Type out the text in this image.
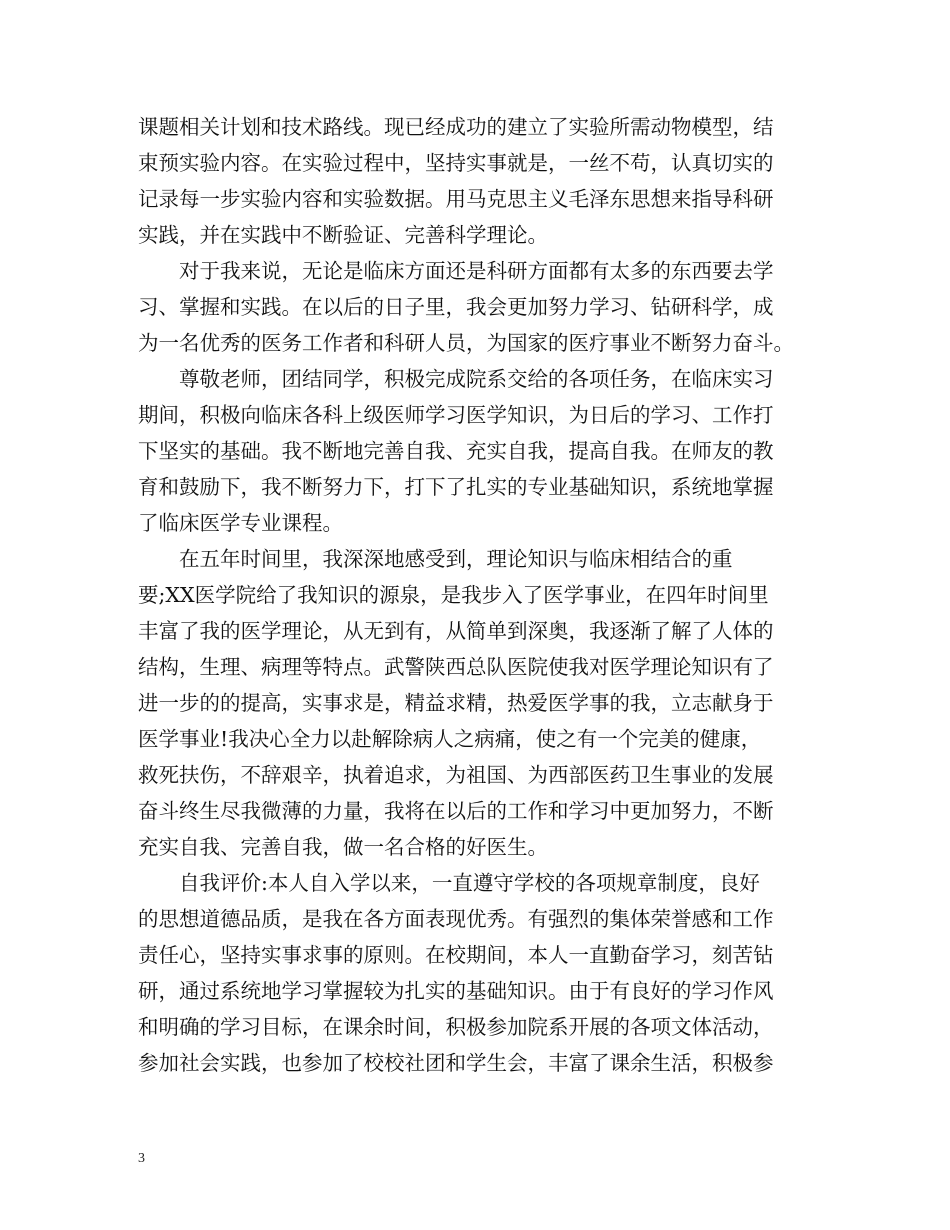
课题相关计划和技术路线。现已经成功的建立了实验所需动物模型，结
束预实验内容。在实验过程中，坚持实事就是，一丝不苟，认真切实的
记录每一步实验内容和实验数据。用马克思主义毛泽东思想来指导科研
实践，并在实践中不断验证、完善科学理论。
对于我来说，无论是临床方面还是科研方面都有太多的东西要去学
习、掌握和实践。在以后的日子里，我会更加努力学习、钻研科学，成
为一名优秀的医务工作者和科研人员，为国家的医疗事业不断努力奋斗。
尊敬老师，团结同学，积极完成院系交给的各项任务，在临床实习
期间，积极向临床各科上级医师学习医学知识，为日后的学习、工作打
下坚实的基础。我不断地完善自我、充实自我，提高自我。在师友的教
育和鼓励下，我不断努力下，打下了扎实的专业基础知识，系统地掌握
了临床医学专业课程。
在五年时间里，我深深地感受到，理论知识与临床相结合的重
要;XX医学院给了我知识的源泉，是我步入了医学事业，在四年时间里
丰富了我的医学理论，从无到有，从简单到深奥，我逐渐了解了人体的
结构，生理、病理等特点。武警陕西总队医院使我对医学理论知识有了
进一步的的提高，实事求是，精益求精，热爱医学事的我，立志献身于
医学事业!我决心全力以赴解除病人之病痛，使之有一个完美的健康，
救死扶伤，不辞艰辛，执着追求，为祖国、为西部医药卫生事业的发展
奋斗终生尽我微薄的力量，我将在以后的工作和学习中更加努力，不断
充实自我、完善自我，做一名合格的好医生。
自我评价:本人自入学以来，一直遵守学校的各项规章制度，良好
的思想道德品质，是我在各方面表现优秀。有强烈的集体荣誉感和工作
责任心，坚持实事求事的原则。在校期间，本人一直勤奋学习，刻苦钻
研，通过系统地学习掌握较为扎实的基础知识。由于有良好的学习作风
和明确的学习目标，在课余时间，积极参加院系开展的各项文体活动，
参加社会实践，也参加了校校社团和学生会，丰富了课余生活，积极参
3
